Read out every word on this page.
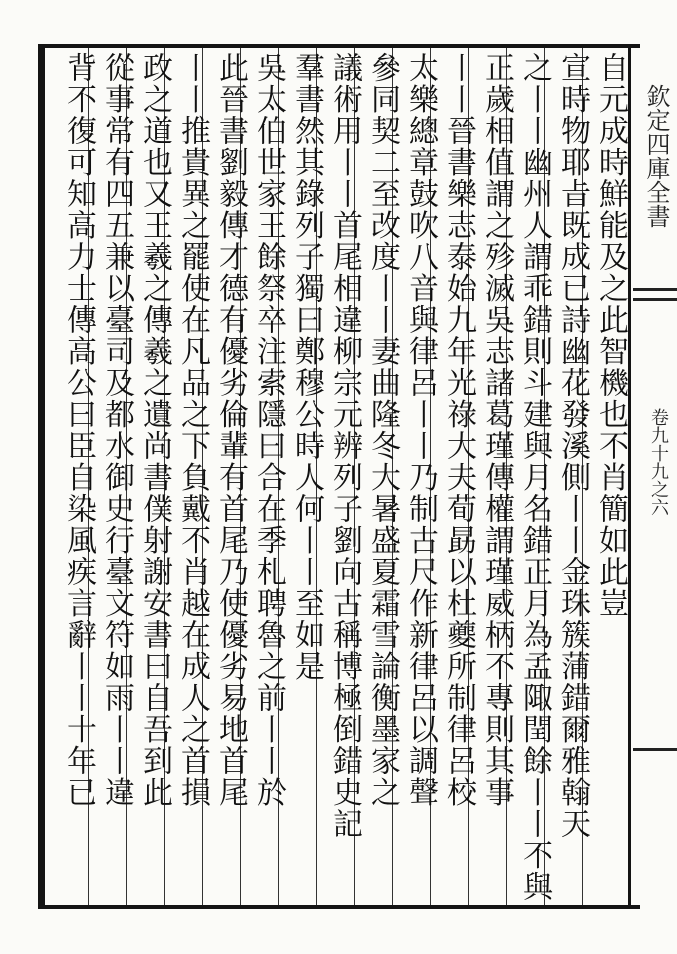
自元成時鮮能及之此智機也不肖簡如此豈
宣時物耶㫖既成已詩幽花發溪側丨丨金珠簇蒲錯爾雅翰天
之丨丨幽州人謂乖錯則斗建與月名錯正月為孟陬閏餘丨丨不與
正歲相值謂之殄滅吳志諸葛瑾傳權謂瑾威柄不專則其事
丨丨晉書樂志泰始九年光祿大夫荀勗以杜夔所制律呂校
太樂總章鼓吹八音與律呂丨丨乃制古尺作新律呂以調聲
參同契二至改度丨丨妻曲隆冬大暑盛夏霜雪論衡墨家之
議術用丨丨首尾相違柳宗元辨列子劉向古稱博極倒錯史記
羣書然其錄列子獨曰鄭穆公時人何丨丨至如是
吳太伯世家王餘祭卒注索隱曰合在季札聘魯之前丨丨於
此晉書劉毅傳才德有優劣倫輩有首尾乃使優劣易地首尾
丨丨推貴異之罷使在凡品之下負戴不肖越在成人之首損
政之道也又王羲之傳羲之遺尚書僕射謝安書曰自吾到此
從事常有四五兼以臺司及都水御史行臺文符如雨丨丨違
背不復可知高力士傳高公曰臣自染風疾言辭丨丨十年已	欽定四庫全書
卷九十九之六
